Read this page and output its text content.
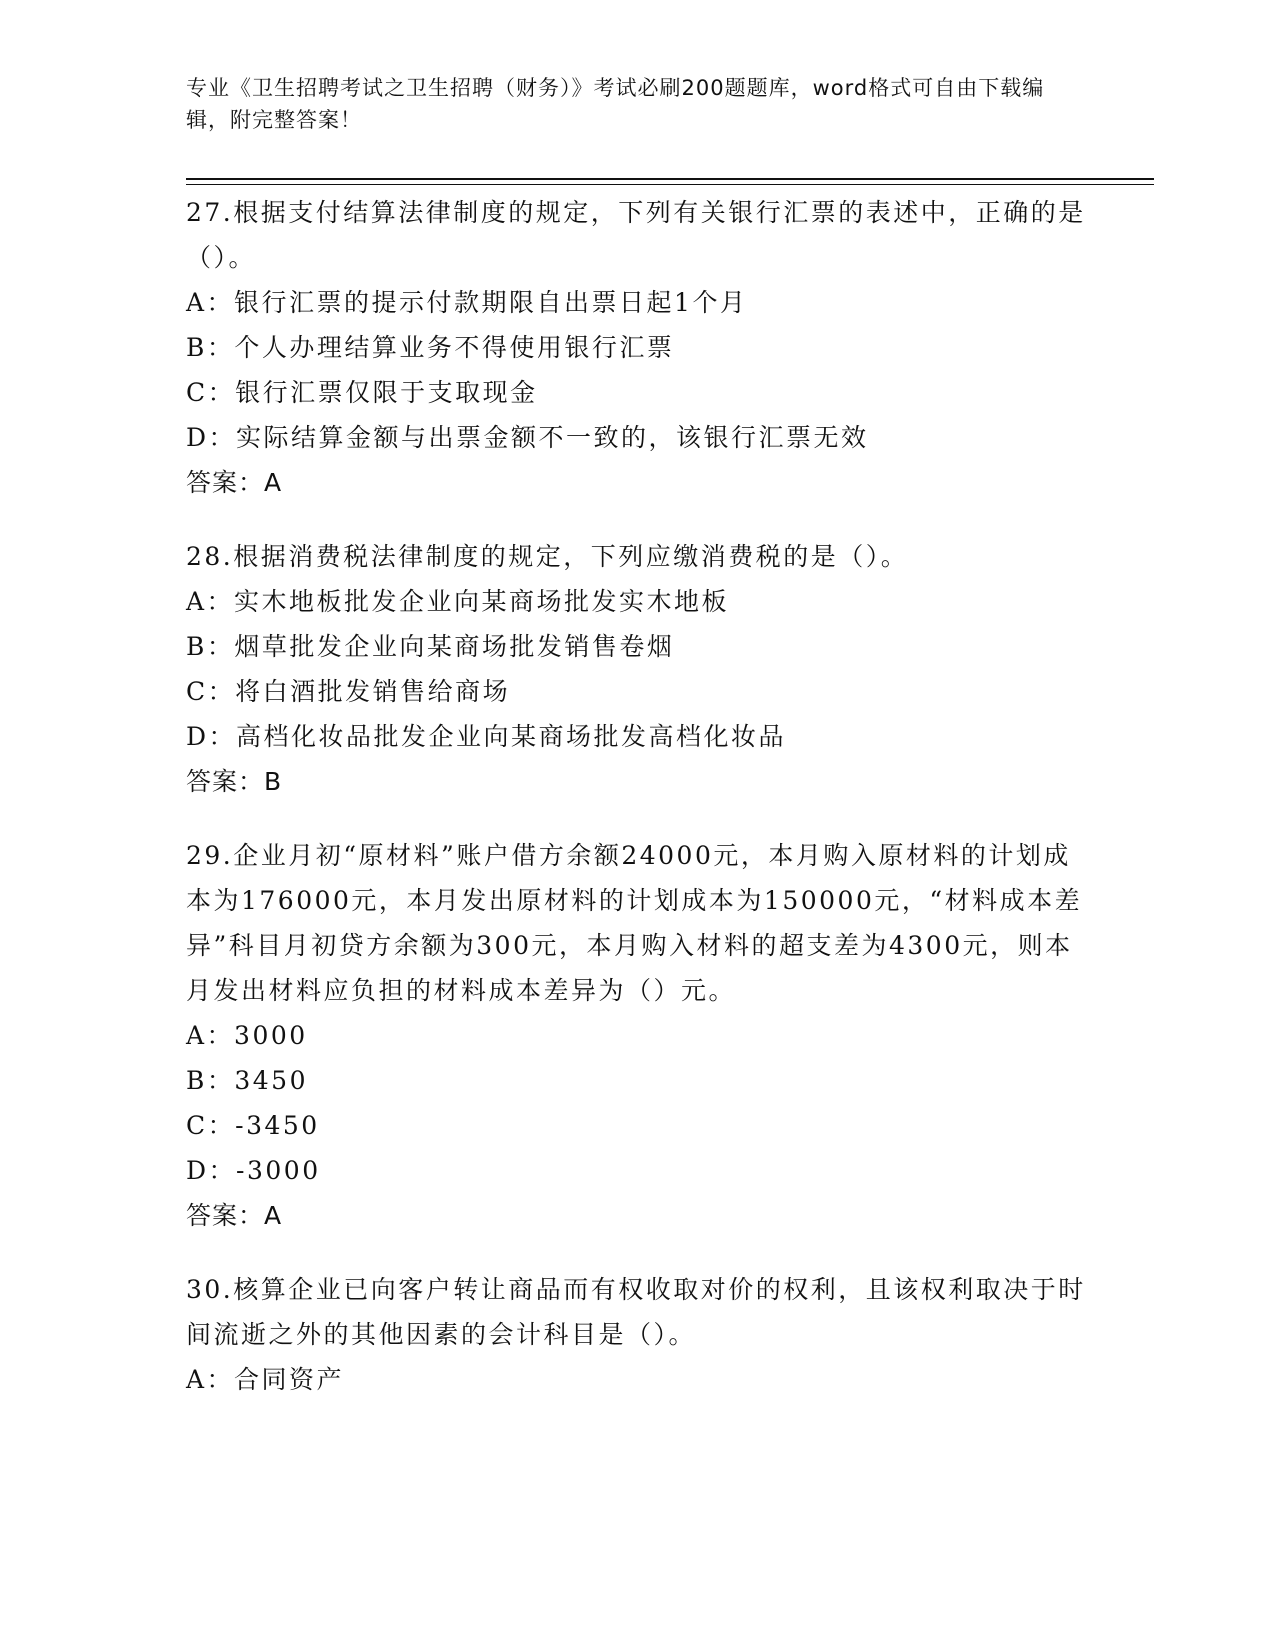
专业《卫生招聘考试之卫生招聘（财务）》考试必刷200题题库，word格式可自由下载编辑，附完整答案！

27.根据支付结算法律制度的规定，下列有关银行汇票的表述中，正确的是（）。

A：银行汇票的提示付款期限自出票日起1个月

B：个人办理结算业务不得使用银行汇票

C：银行汇票仅限于支取现金

D：实际结算金额与出票金额不一致的，该银行汇票无效

答案：A

28.根据消费税法律制度的规定，下列应缴消费税的是（）。

A：实木地板批发企业向某商场批发实木地板

B：烟草批发企业向某商场批发销售卷烟

C：将白酒批发销售给商场

D：高档化妆品批发企业向某商场批发高档化妆品

答案：B

29.企业月初“原材料”账户借方余额24000元，本月购入原材料的计划成本为176000元，本月发出原材料的计划成本为150000元，“材料成本差异”科目月初贷方余额为300元，本月购入材料的超支差为4300元，则本月发出材料应负担的材料成本差异为（）元。

A：3000

B：3450

C：-3450

D：-3000

答案：A

30.核算企业已向客户转让商品而有权收取对价的权利，且该权利取决于时间流逝之外的其他因素的会计科目是（）。

A：合同资产
